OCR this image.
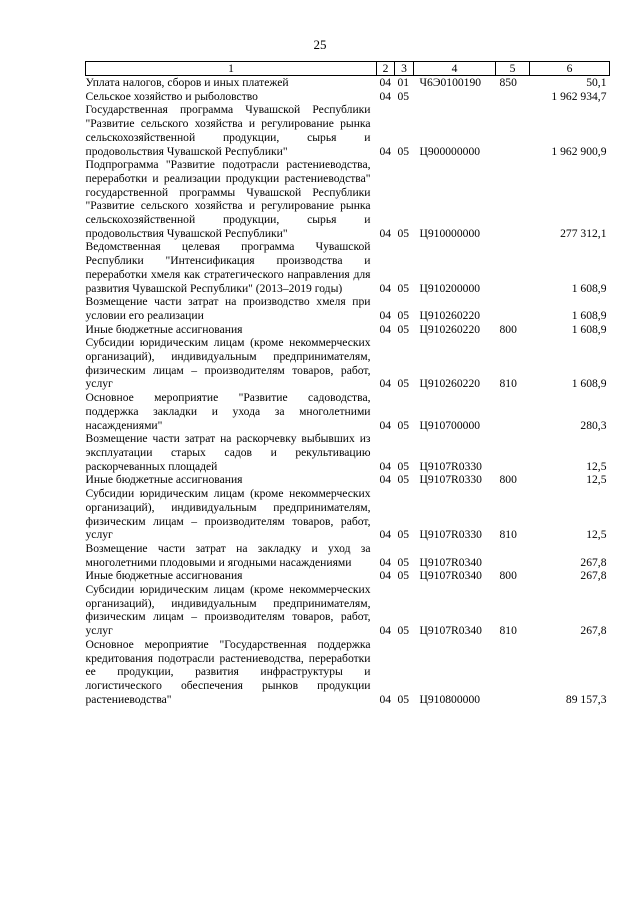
25
1	2	3	4	5	6
Уплата налогов, сборов и иных платежей	04	01	Ч6Э0100190	850	50,1
Сельское хозяйство и рыболовство	04	05			1 962 934,7
Государственная программа Чувашской Республики "Развитие сельского хозяйства и регулирование рынка сельскохозяйственной продукции, сырья и продовольствия Чувашской Республики"	04	05	Ц900000000		1 962 900,9
Подпрограмма "Развитие подотрасли растениеводства, переработки и реализации продукции растениеводства" государственной программы Чувашской Республики "Развитие сельского хозяйства и регулирование рынка сельскохозяйственной продукции, сырья и продовольствия Чувашской Республики"	04	05	Ц910000000		277 312,1
Ведомственная целевая программа Чувашской Республики "Интенсификация производства и переработки хмеля как стратегического направления для развития Чувашской Республики" (2013–2019 годы)	04	05	Ц910200000		1 608,9
Возмещение части затрат на производство хмеля при условии его реализации	04	05	Ц910260220		1 608,9
Иные бюджетные ассигнования	04	05	Ц910260220	800	1 608,9
Субсидии юридическим лицам (кроме некоммерческих организаций), индивидуальным предпринимателям, физическим лицам – производителям товаров, работ, услуг	04	05	Ц910260220	810	1 608,9
Основное мероприятие "Развитие садоводства, поддержка закладки и ухода за многолетними насаждениями"	04	05	Ц910700000		280,3
Возмещение части затрат на раскорчевку выбывших из эксплуатации старых садов и рекультивацию раскорчеванных площадей	04	05	Ц9107R0330		12,5
Иные бюджетные ассигнования	04	05	Ц9107R0330	800	12,5
Субсидии юридическим лицам (кроме некоммерческих организаций), индивидуальным предпринимателям, физическим лицам – производителям товаров, работ, услуг	04	05	Ц9107R0330	810	12,5
Возмещение части затрат на закладку и уход за многолетними плодовыми и ягодными насаждениями	04	05	Ц9107R0340		267,8
Иные бюджетные ассигнования	04	05	Ц9107R0340	800	267,8
Субсидии юридическим лицам (кроме некоммерческих организаций), индивидуальным предпринимателям, физическим лицам – производителям товаров, работ, услуг	04	05	Ц9107R0340	810	267,8
Основное мероприятие "Государственная поддержка кредитования подотрасли растениеводства, переработки ее продукции, развития инфраструктуры и логистического обеспечения рынков продукции растениеводства"	04	05	Ц910800000		89 157,3
